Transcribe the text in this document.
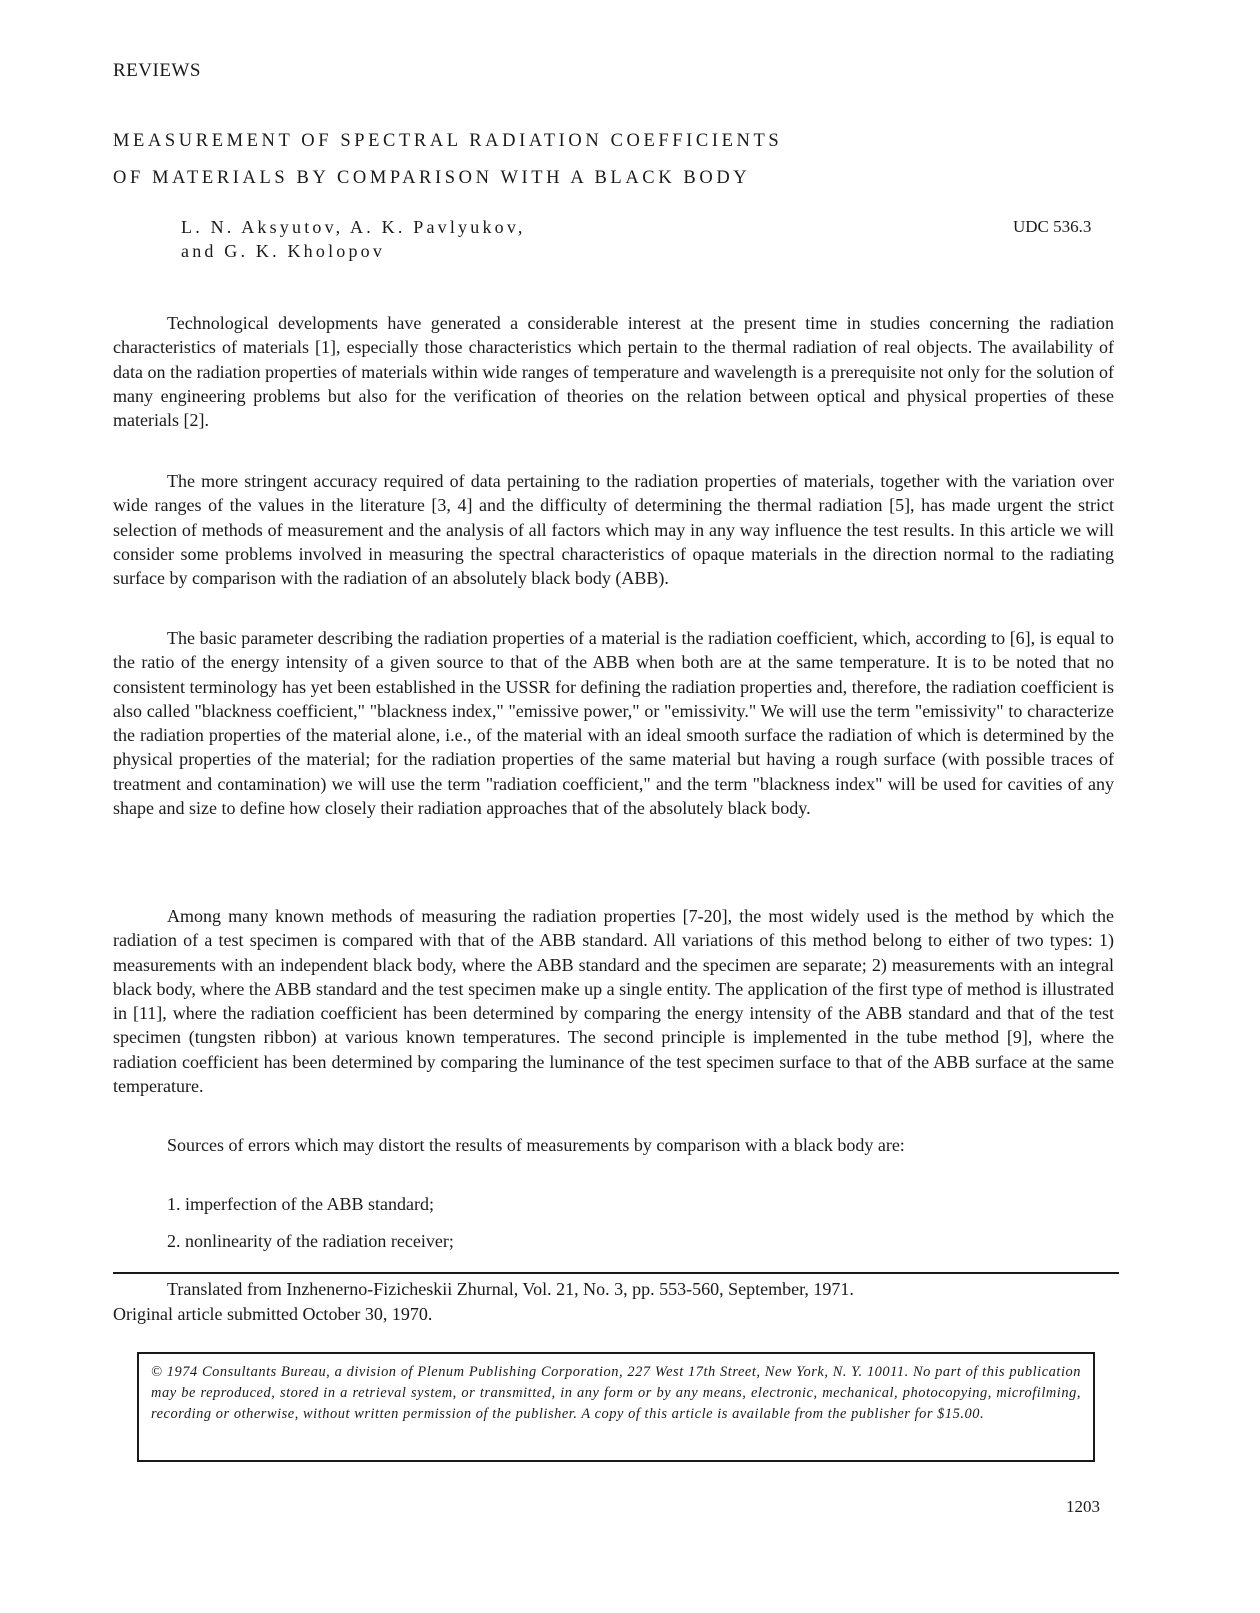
REVIEWS
MEASUREMENT OF SPECTRAL RADIATION COEFFICIENTS
OF MATERIALS BY COMPARISON WITH A BLACK BODY
L. N. Aksyutov, A. K. Pavlyukov,
and G. K. Kholopov
UDC 536.3

Technological developments have generated a considerable interest at the present time in studies concerning the radiation characteristics of materials [1], especially those characteristics which pertain to the thermal radiation of real objects. The availability of data on the radiation properties of materials within wide ranges of temperature and wavelength is a prerequisite not only for the solution of many engineering problems but also for the verification of theories on the relation between optical and physical properties of these materials [2].

The more stringent accuracy required of data pertaining to the radiation properties of materials, together with the variation over wide ranges of the values in the literature [3, 4] and the difficulty of determining the thermal radiation [5], has made urgent the strict selection of methods of measurement and the analysis of all factors which may in any way influence the test results. In this article we will consider some problems involved in measuring the spectral characteristics of opaque materials in the direction normal to the radiating surface by comparison with the radiation of an absolutely black body (ABB).

The basic parameter describing the radiation properties of a material is the radiation coefficient, which, according to [6], is equal to the ratio of the energy intensity of a given source to that of the ABB when both are at the same temperature. It is to be noted that no consistent terminology has yet been established in the USSR for defining the radiation properties and, therefore, the radiation coefficient is also called "blackness coefficient," "blackness index," "emissive power," or "emissivity." We will use the term "emissivity" to characterize the radiation properties of the material alone, i.e., of the material with an ideal smooth surface the radiation of which is determined by the physical properties of the material; for the radiation properties of the same material but having a rough surface (with possible traces of treatment and contamination) we will use the term "radiation coefficient," and the term "blackness index" will be used for cavities of any shape and size to define how closely their radiation approaches that of the absolutely black body.

Among many known methods of measuring the radiation properties [7-20], the most widely used is the method by which the radiation of a test specimen is compared with that of the ABB standard. All variations of this method belong to either of two types: 1) measurements with an independent black body, where the ABB standard and the specimen are separate; 2) measurements with an integral black body, where the ABB standard and the test specimen make up a single entity. The application of the first type of method is illustrated in [11], where the radiation coefficient has been determined by comparing the energy intensity of the ABB standard and that of the test specimen (tungsten ribbon) at various known temperatures. The second principle is implemented in the tube method [9], where the radiation coefficient has been determined by comparing the luminance of the test specimen surface to that of the ABB surface at the same temperature.

Sources of errors which may distort the results of measurements by comparison with a black body are:

1. imperfection of the ABB standard;
2. nonlinearity of the radiation receiver;
Translated from Inzhenerno-Fizicheskii Zhurnal, Vol. 21, No. 3, pp. 553-560, September, 1971.
Original article submitted October 30, 1970.

© 1974 Consultants Bureau, a division of Plenum Publishing Corporation, 227 West 17th Street, New York, N. Y. 10011. No part of this publication may be reproduced, stored in a retrieval system, or transmitted, in any form or by any means, electronic, mechanical, photocopying, microfilming, recording or otherwise, without written permission of the publisher. A copy of this article is available from the publisher for $15.00.

1203
